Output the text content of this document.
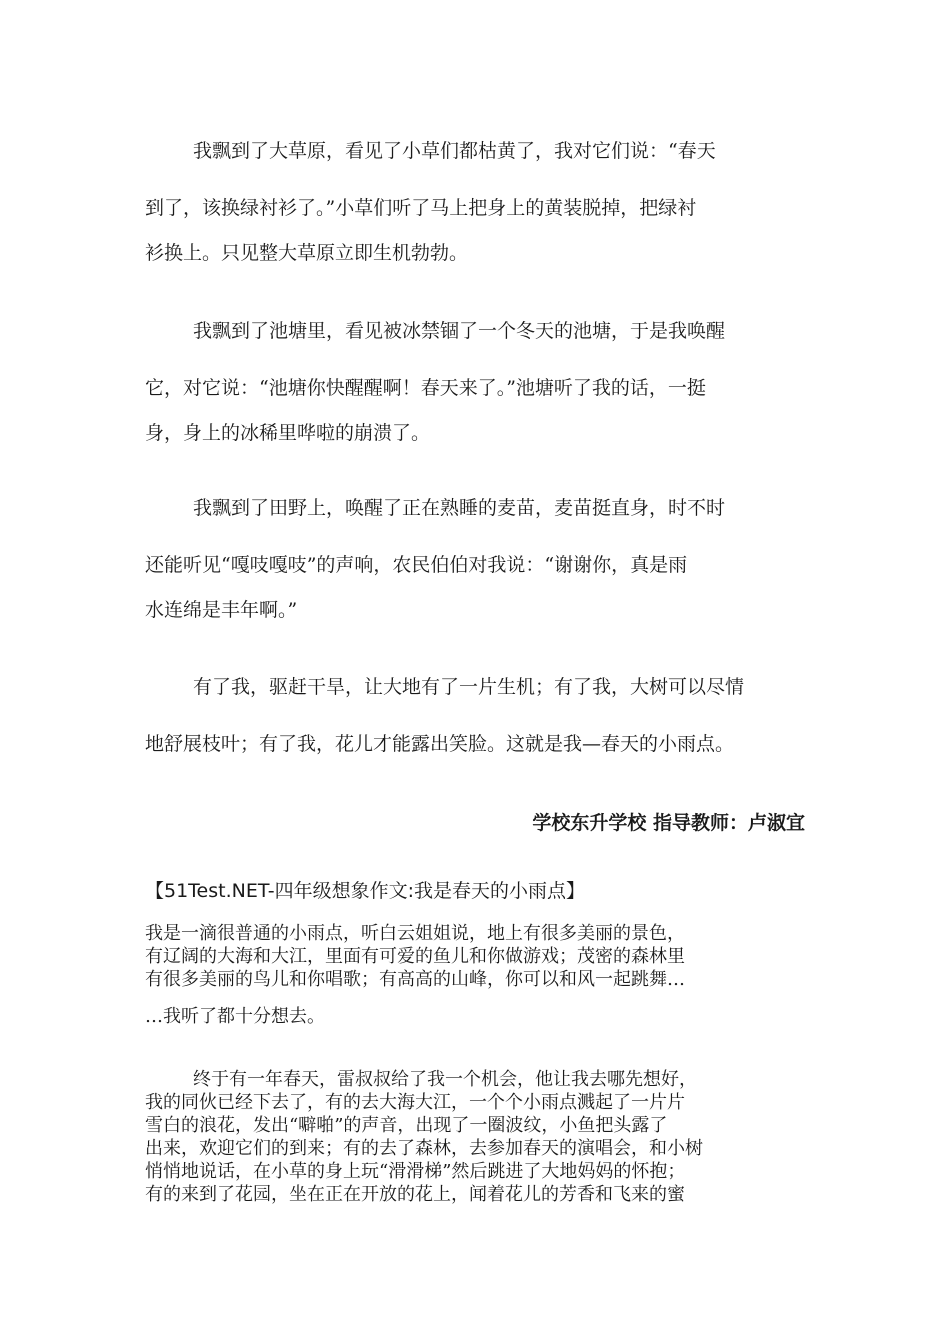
我飘到了大草原，看见了小草们都枯黄了，我对它们说：“春天
到了，该换绿衬衫了。”小草们听了马上把身上的黄装脱掉，把绿衬
衫换上。只见整大草原立即生机勃勃。
我飘到了池塘里，看见被冰禁锢了一个冬天的池塘，于是我唤醒
它，对它说：“池塘你快醒醒啊！春天来了。”池塘听了我的话，一挺
身，身上的冰稀里哗啦的崩溃了。
我飘到了田野上，唤醒了正在熟睡的麦苗，麦苗挺直身，时不时
还能听见“嘎吱嘎吱”的声响，农民伯伯对我说：“谢谢你，真是雨
水连绵是丰年啊。”
有了我，驱赶干旱，让大地有了一片生机；有了我，大树可以尽情
地舒展枝叶；有了我，花儿才能露出笑脸。这就是我—春天的小雨点。
学校东升学校 指导教师：卢淑宜
【51Test.NET-四年级想象作文:我是春天的小雨点】
我是一滴很普通的小雨点，听白云姐姐说，地上有很多美丽的景色，
有辽阔的大海和大江，里面有可爱的鱼儿和你做游戏；茂密的森林里
有很多美丽的鸟儿和你唱歌；有高高的山峰，你可以和风一起跳舞…
…我听了都十分想去。
终于有一年春天，雷叔叔给了我一个机会，他让我去哪先想好，
我的同伙已经下去了，有的去大海大江，一个个小雨点溅起了一片片
雪白的浪花，发出“噼啪”的声音，出现了一圈波纹，小鱼把头露了
出来，欢迎它们的到来；有的去了森林，去参加春天的演唱会，和小树
悄悄地说话，在小草的身上玩“滑滑梯”然后跳进了大地妈妈的怀抱；
有的来到了花园，坐在正在开放的花上，闻着花儿的芳香和飞来的蜜
